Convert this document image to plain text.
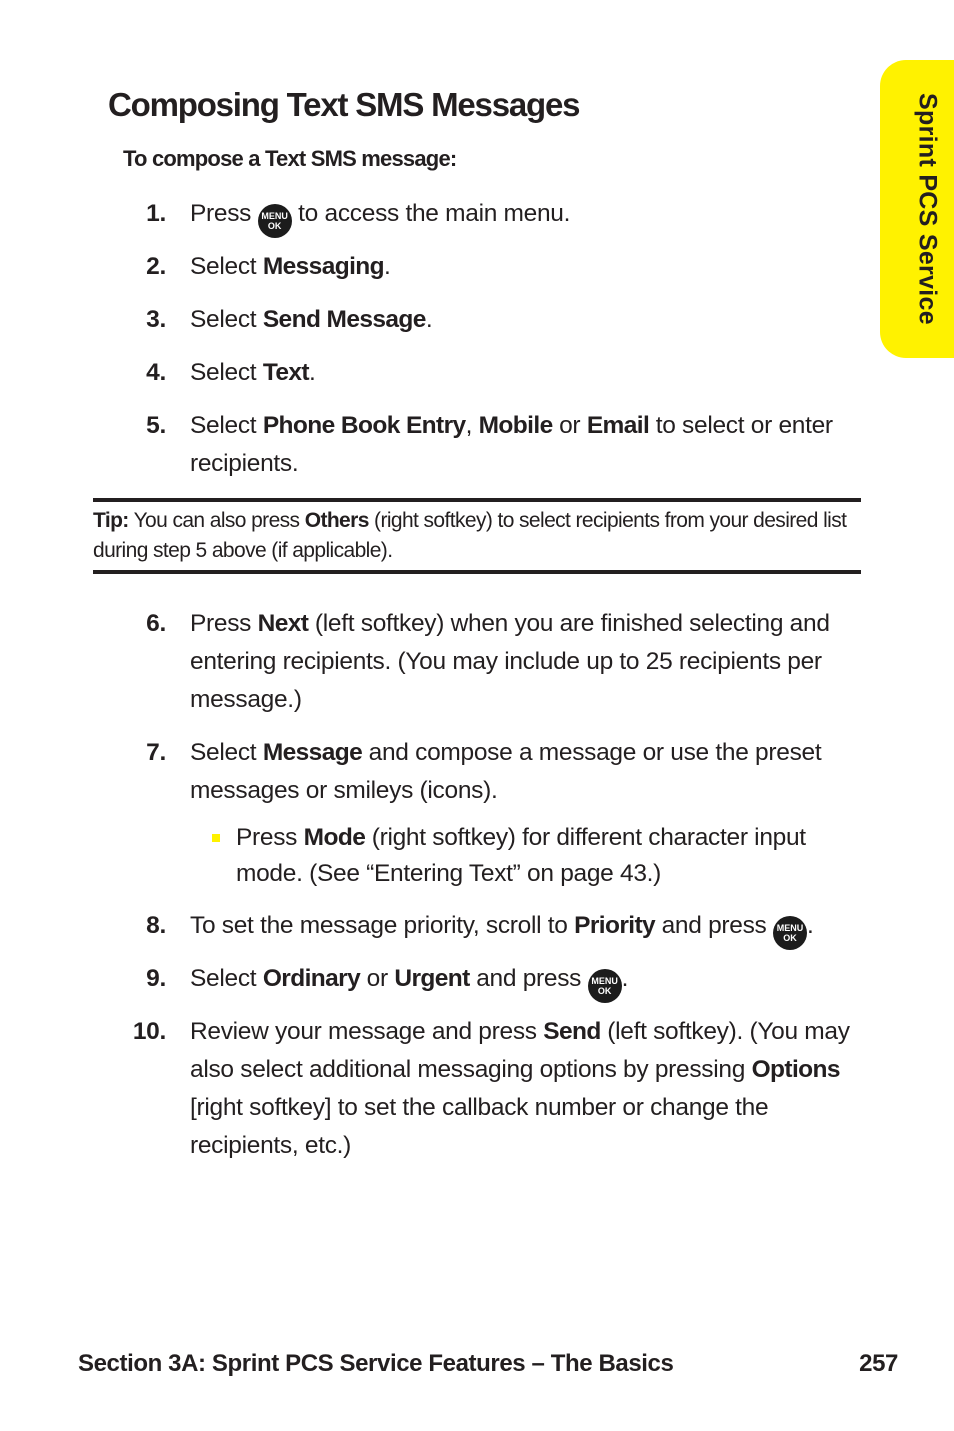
Sprint PCS Service
Composing Text SMS Messages
To compose a Text SMS message:
1. Press MENU
OK to access the main menu.
2. Select Messaging.
3. Select Send Message.
4. Select Text.
5. Select Phone Book Entry, Mobile or Email to select or enter recipients.
Tip: You can also press Others (right softkey) to select recipients from your desired list during step 5 above (if applicable).
6. Press Next (left softkey) when you are finished selecting and entering recipients. (You may include up to 25 recipients per message.)
7. Select Message and compose a message or use the preset messages or smileys (icons).
Press Mode (right softkey) for different character input mode. (See “Entering Text” on page 43.)
8. To set the message priority, scroll to Priority and press MENU
OK .
9. Select Ordinary or Urgent and press MENU
OK .
10. Review your message and press Send (left softkey). (You may also select additional messaging options by pressing Options [right softkey] to set the callback number or change the recipients, etc.)
Section 3A: Sprint PCS Service Features – The Basics	257
